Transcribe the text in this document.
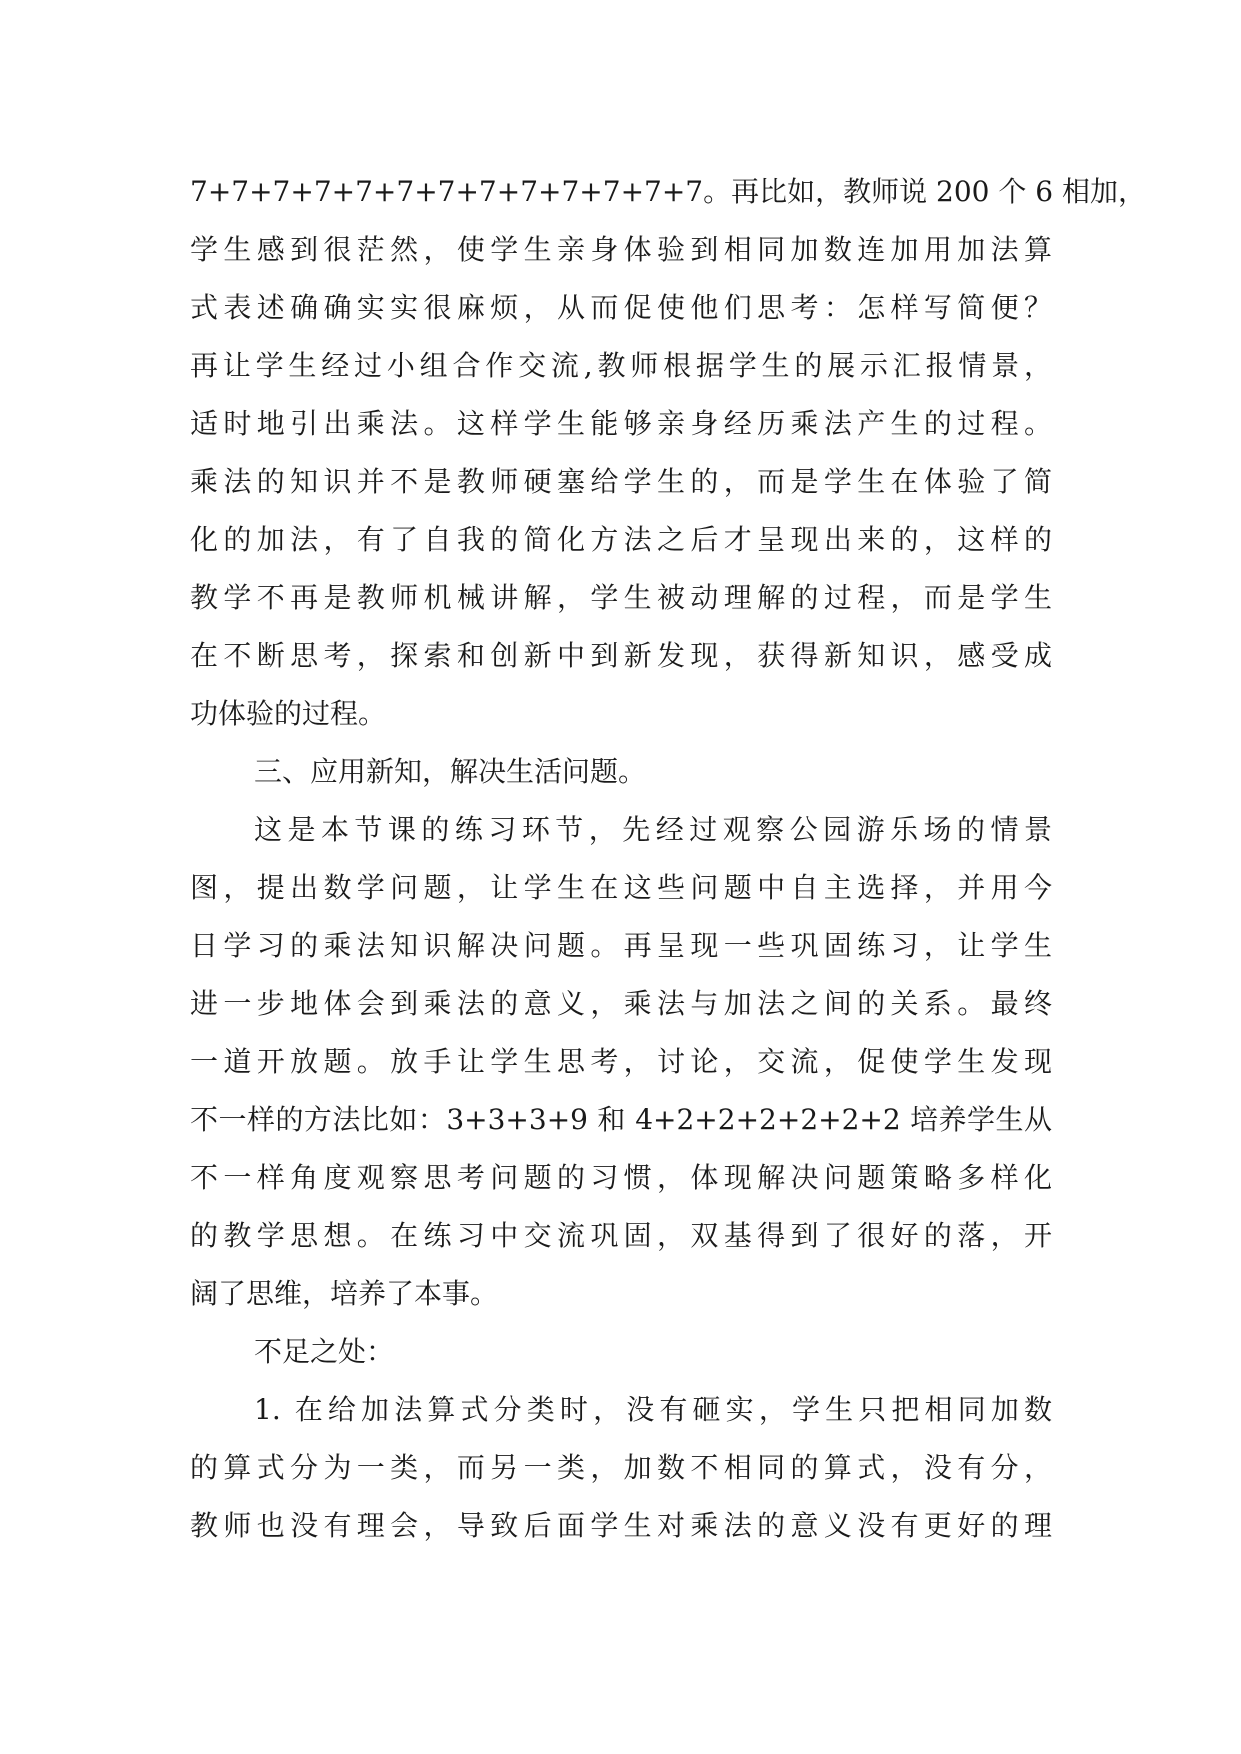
7+7+7+7+7+7+7+7+7+7+7+7+7。再比如，教师说 200 个 6 相加，
学生感到很茫然，使学生亲身体验到相同加数连加用加法算
式表述确确实实很麻烦，从而促使他们思考：怎样写简便？
再让学生经过小组合作交流,教师根据学生的展示汇报情景，
适时地引出乘法。这样学生能够亲身经历乘法产生的过程。
乘法的知识并不是教师硬塞给学生的，而是学生在体验了简
化的加法，有了自我的简化方法之后才呈现出来的，这样的
教学不再是教师机械讲解，学生被动理解的过程，而是学生
在不断思考，探索和创新中到新发现，获得新知识，感受成
功体验的过程。
三、应用新知，解决生活问题。
这是本节课的练习环节，先经过观察公园游乐场的情景
图，提出数学问题，让学生在这些问题中自主选择，并用今
日学习的乘法知识解决问题。再呈现一些巩固练习，让学生
进一步地体会到乘法的意义，乘法与加法之间的关系。最终
一道开放题。放手让学生思考，讨论，交流，促使学生发现
不一样的方法比如：3+3+3+9 和 4+2+2+2+2+2+2 培养学生从
不一样角度观察思考问题的习惯，体现解决问题策略多样化
的教学思想。在练习中交流巩固，双基得到了很好的落，开
阔了思维，培养了本事。
不足之处：
1. 在给加法算式分类时，没有砸实，学生只把相同加数
的算式分为一类，而另一类，加数不相同的算式，没有分，
教师也没有理会，导致后面学生对乘法的意义没有更好的理
